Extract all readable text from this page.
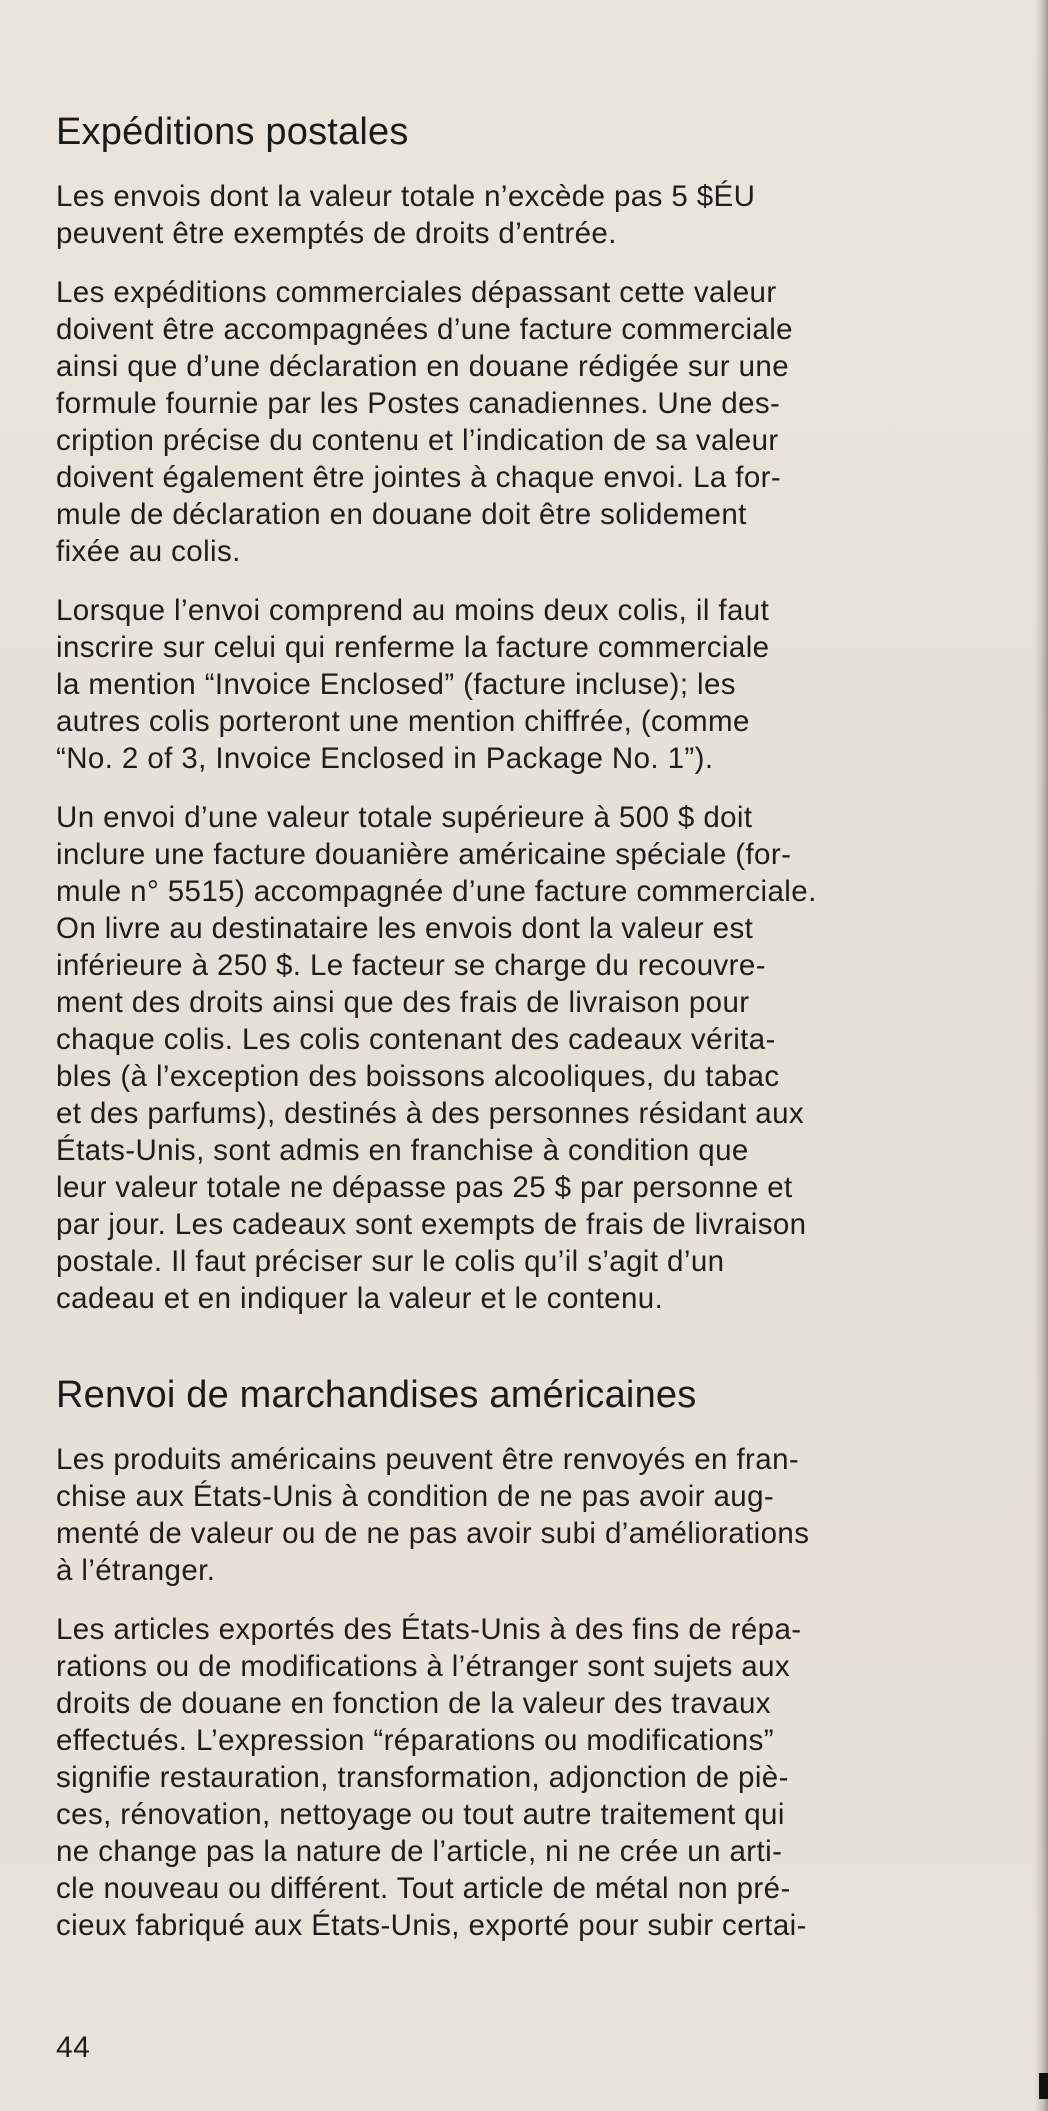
Expéditions postales

Les envois dont la valeur totale n’excède pas 5 $ÉU
peuvent être exemptés de droits d’entrée.

Les expéditions commerciales dépassant cette valeur
doivent être accompagnées d’une facture commerciale
ainsi que d’une déclaration en douane rédigée sur une
formule fournie par les Postes canadiennes. Une des-
cription précise du contenu et l’indication de sa valeur
doivent également être jointes à chaque envoi. La for-
mule de déclaration en douane doit être solidement
fixée au colis.

Lorsque l’envoi comprend au moins deux colis, il faut
inscrire sur celui qui renferme la facture commerciale
la mention “Invoice Enclosed” (facture incluse); les
autres colis porteront une mention chiffrée, (comme
“No. 2 of 3, Invoice Enclosed in Package No. 1”).

Un envoi d’une valeur totale supérieure à 500 $ doit
inclure une facture douanière américaine spéciale (for-
mule n° 5515) accompagnée d’une facture commerciale.
On livre au destinataire les envois dont la valeur est
inférieure à 250 $. Le facteur se charge du recouvre-
ment des droits ainsi que des frais de livraison pour
chaque colis. Les colis contenant des cadeaux vérita-
bles (à l’exception des boissons alcooliques, du tabac
et des parfums), destinés à des personnes résidant aux
États-Unis, sont admis en franchise à condition que
leur valeur totale ne dépasse pas 25 $ par personne et
par jour. Les cadeaux sont exempts de frais de livraison
postale. Il faut préciser sur le colis qu’il s’agit d’un
cadeau et en indiquer la valeur et le contenu.

Renvoi de marchandises américaines

Les produits américains peuvent être renvoyés en fran-
chise aux États-Unis à condition de ne pas avoir aug-
menté de valeur ou de ne pas avoir subi d’améliorations
à l’étranger.

Les articles exportés des États-Unis à des fins de répa-
rations ou de modifications à l’étranger sont sujets aux
droits de douane en fonction de la valeur des travaux
effectués. L’expression “réparations ou modifications”
signifie restauration, transformation, adjonction de piè-
ces, rénovation, nettoyage ou tout autre traitement qui
ne change pas la nature de l’article, ni ne crée un arti-
cle nouveau ou différent. Tout article de métal non pré-
cieux fabriqué aux États-Unis, exporté pour subir certai-

44
